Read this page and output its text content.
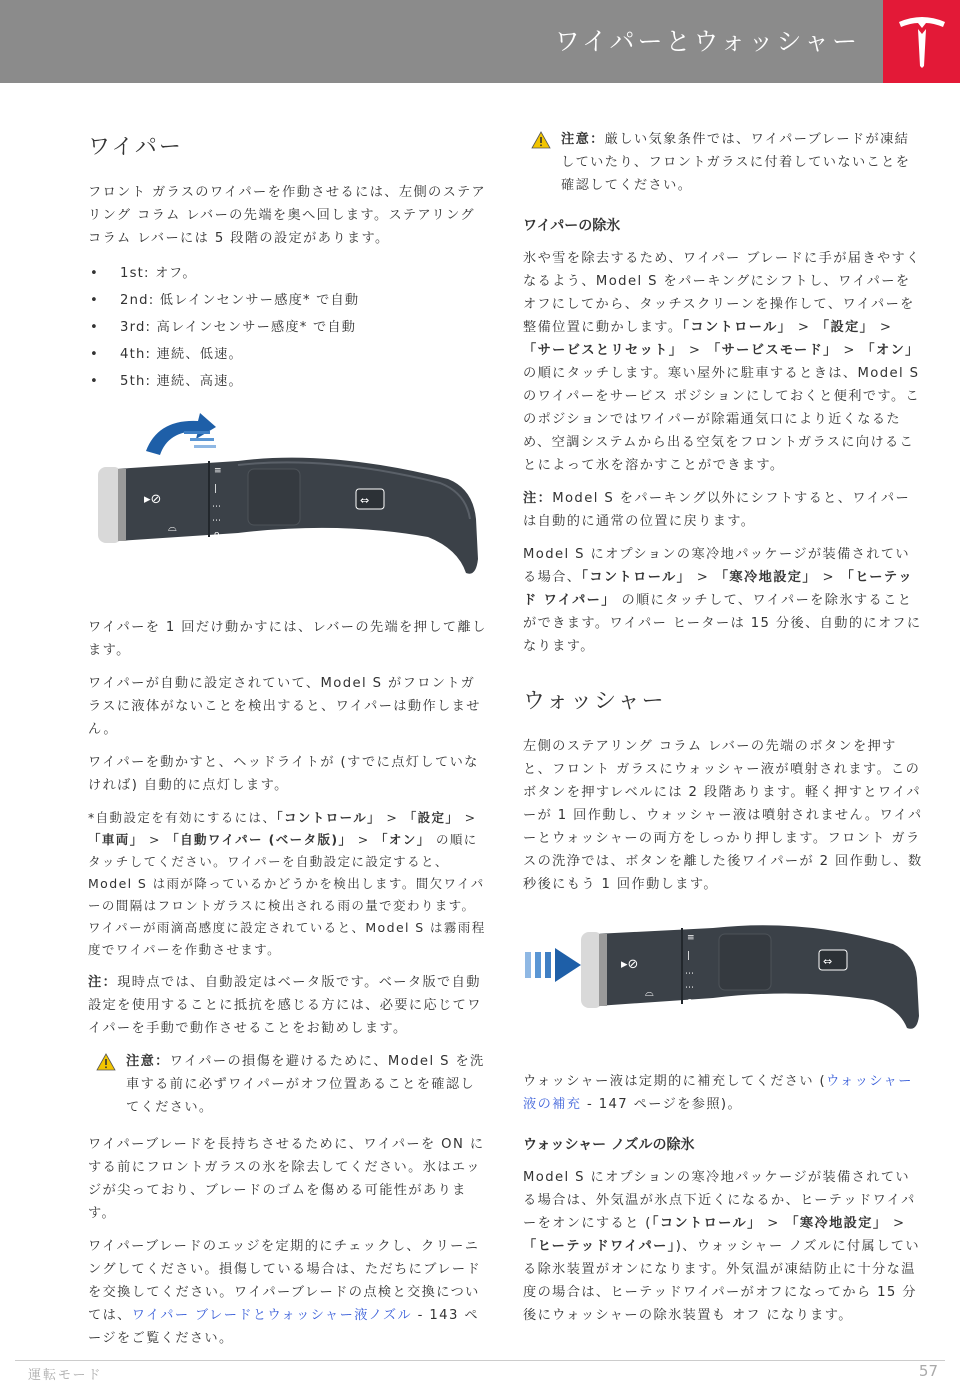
ワイパーとウォッシャー
ワイパー

フロント ガラスのワイパーを作動させるには、左側のステアリング コラム レバーの先端を奥へ回します。ステアリング コラム レバーには 5 段階の設定があります。

• 1st: オフ。
• 2nd: 低レインセンサー感度* で自動
• 3rd: 高レインセンサー感度* で自動
• 4th: 連続、低速。
• 5th: 連続、高速。
▸⊘
⌓
≡
|
⋯
⋯
o
⇔

ワイパーを 1 回だけ動かすには、レバーの先端を押して離します。

ワイパーが自動に設定されていて、Model S がフロントガラスに液体がないことを検出すると、ワイパーは動作しません。

ワイパーを動かすと、ヘッドライトが (すでに点灯していなければ) 自動的に点灯します。

*自動設定を有効にするには、「コントロール」 > 「設定」 > 「車両」 > 「自動ワイパー (ベータ版)」 > 「オン」 の順にタッチしてください。ワイパーを自動設定に設定すると、Model S は雨が降っているかどうかを検出します。間欠ワイパーの間隔はフロントガラスに検出される雨の量で変わります。ワイパーが雨滴高感度に設定されていると、Model S は霧雨程度でワイパーを作動させます。

注：現時点では、自動設定はベータ版です。ベータ版で自動設定を使用することに抵抗を感じる方には、必要に応じてワイパーを手動で動作させることをお勧めします。

注意：ワイパーの損傷を避けるために、Model S を洗車する前に必ずワイパーがオフ位置あることを確認してください。

ワイパーブレードを長持ちさせるために、ワイパーを ON にする前にフロントガラスの氷を除去してください。氷はエッジが尖っており、ブレードのゴムを傷める可能性があります。

ワイパーブレードのエッジを定期的にチェックし、クリーニングしてください。損傷している場合は、ただちにブレードを交換してください。ワイパーブレードの点検と交換については、ワイパー ブレードとウォッシャー液ノズル - 143 ページをご覧ください。

注意：厳しい気象条件では、ワイパーブレードが凍結していたり、フロントガラスに付着していないことを確認してください。

ワイパーの除氷

氷や雪を除去するため、ワイパー ブレードに手が届きやすくなるよう、Model S をパーキングにシフトし、ワイパーをオフにしてから、タッチスクリーンを操作して、ワイパーを整備位置に動かします。「コントロール」 > 「設定」 > 「サービスとリセット」 > 「サービスモード」 > 「オン」 の順にタッチします。寒い屋外に駐車するときは、Model S のワイパーをサービス ポジションにしておくと便利です。このポジションではワイパーが除霜通気口により近くなるため、空調システムから出る空気をフロントガラスに向けることによって氷を溶かすことができます。

注：Model S をパーキング以外にシフトすると、ワイパーは自動的に通常の位置に戻ります。

Model S にオプションの寒冷地パッケージが装備されている場合、「コントロール」 > 「寒冷地設定」 > 「ヒーテッド ワイパー」 の順にタッチして、ワイパーを除氷することができます。ワイパー ヒーターは 15 分後、自動的にオフになります。

ウォッシャー

左側のステアリング コラム レバーの先端のボタンを押すと、フロント ガラスにウォッシャー液が噴射されます。このボタンを押すレベルには 2 段階あります。軽く押すとワイパーが 1 回作動し、ウォッシャー液は噴射されません。ワイパーとウォッシャーの両方をしっかり押します。フロント ガラスの洗浄では、ボタンを離した後ワイパーが 2 回作動し、数秒後にもう 1 回作動します。

▸⊘
⌓
≡
|
⋯
⋯
o
⇔

ウォッシャー液は定期的に補充してください (ウォッシャー液の補充 - 147 ページを参照)。

ウォッシャー ノズルの除氷

Model S にオプションの寒冷地パッケージが装備されている場合は、外気温が氷点下近くになるか、ヒーテッドワイパーをオンにすると (「コントロール」 > 「寒冷地設定」 > 「ヒーテッドワイパー」)、ウォッシャー ノズルに付属している除氷装置がオンになります。外気温が凍結防止に十分な温度の場合は、ヒーテッドワイパーがオフになってから 15 分後にウォッシャーの除氷装置も オフ になります。

運転モード	57
